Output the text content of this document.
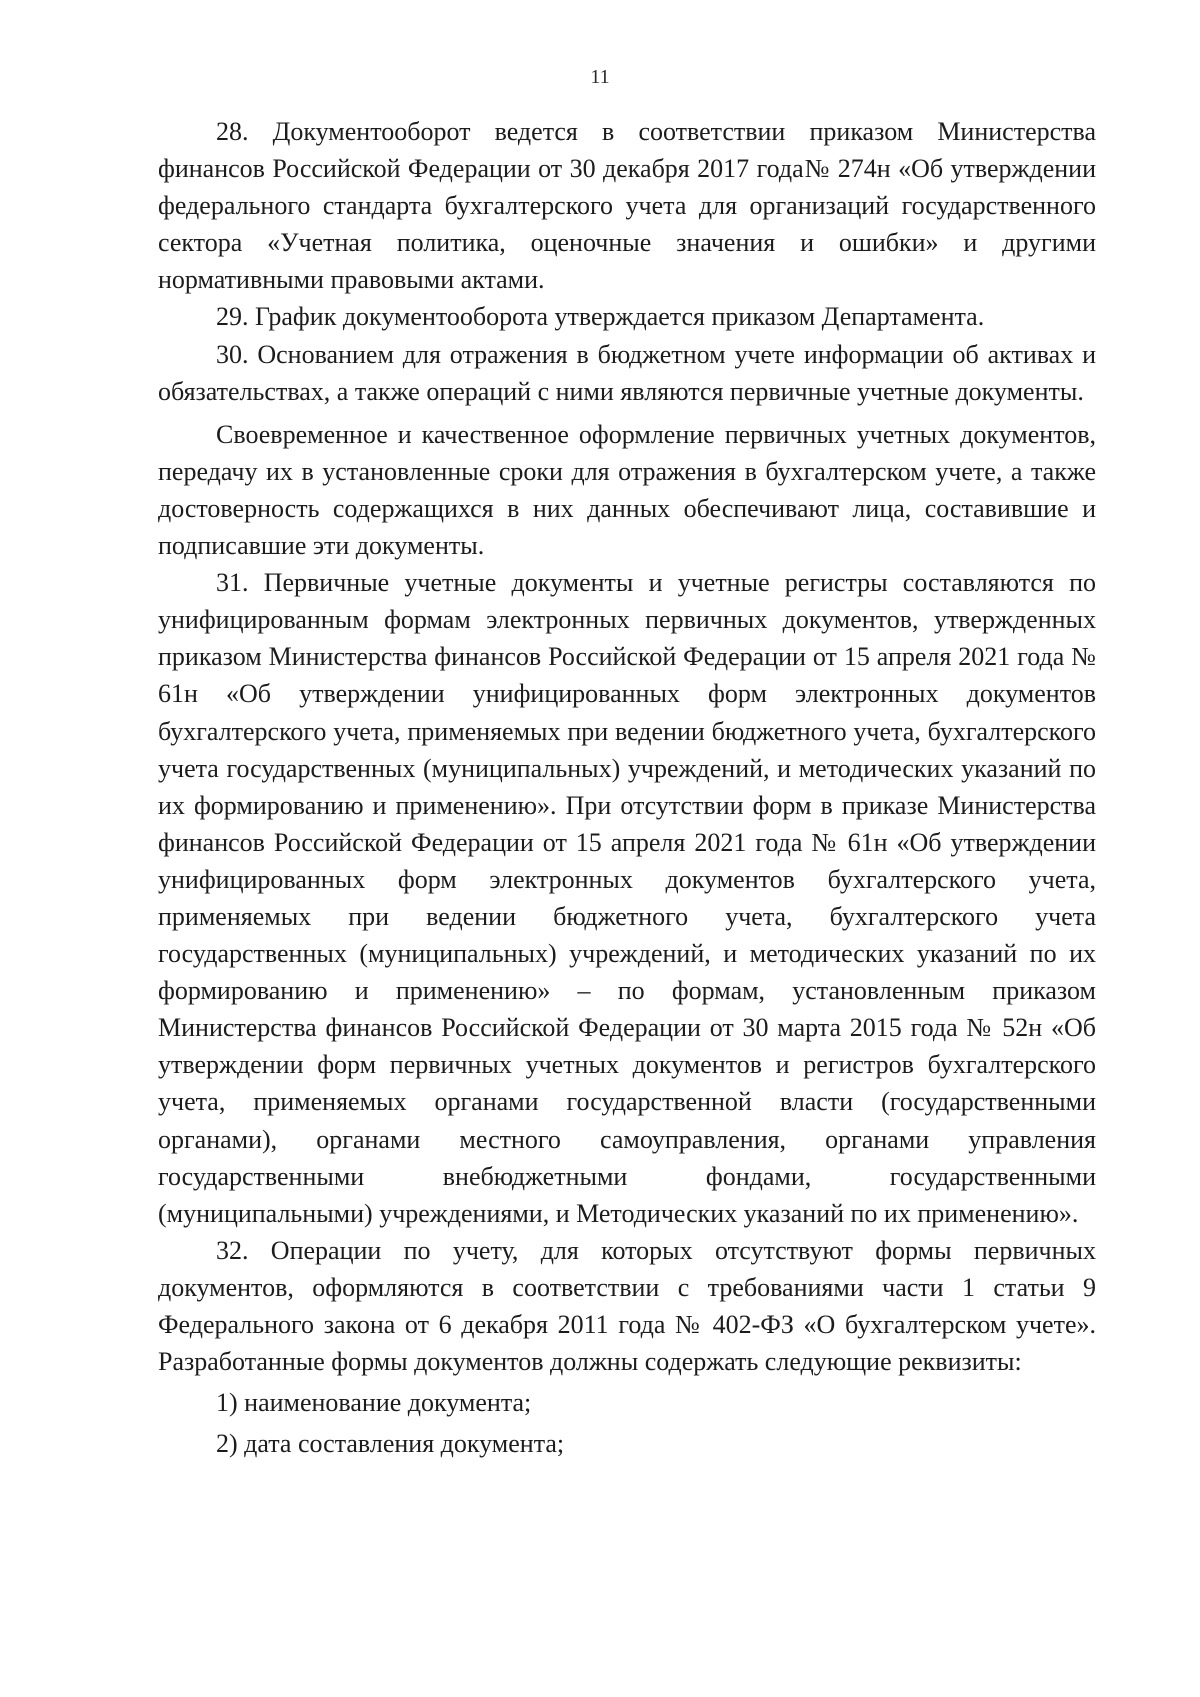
11

28. Документооборот ведется в соответствии приказом Министерства финансов Российской Федерации от 30 декабря 2017 года№ 274н «Об утверждении федерального стандарта бухгалтерского учета для организаций государственного сектора «Учетная политика, оценочные значения и ошибки» и другими нормативными правовыми актами.

29. График документооборота утверждается приказом Департамента.

30. Основанием для отражения в бюджетном учете информации об активах и обязательствах, а также операций с ними являются первичные учетные документы.

Своевременное и качественное оформление первичных учетных документов, передачу их в установленные сроки для отражения в бухгалтерском учете, а также достоверность содержащихся в них данных обеспечивают лица, составившие и подписавшие эти документы.

31. Первичные учетные документы и учетные регистры составляются по унифицированным формам электронных первичных документов, утвержденных приказом Министерства финансов Российской Федерации от 15 апреля 2021 года № 61н «Об утверждении унифицированных форм электронных документов бухгалтерского учета, применяемых при ведении бюджетного учета, бухгалтерского учета государственных (муниципальных) учреждений, и методических указаний по их формированию и применению». При отсутствии форм в приказе Министерства финансов Российской Федерации от 15 апреля 2021 года № 61н «Об утверждении унифицированных форм электронных документов бухгалтерского учета, применяемых при ведении бюджетного учета, бухгалтерского учета государственных (муниципальных) учреждений, и методических указаний по их формированию и применению» – по формам, установленным приказом Министерства финансов Российской Федерации от 30 марта 2015 года № 52н «Об утверждении форм первичных учетных документов и регистров бухгалтерского учета, применяемых органами государственной власти (государственными органами), органами местного самоуправления, органами управления государственными внебюджетными фондами, государственными (муниципальными) учреждениями, и Методических указаний по их применению».

32. Операции по учету, для которых отсутствуют формы первичных документов, оформляются в соответствии с требованиями части 1 статьи 9 Федерального закона от 6 декабря 2011 года № 402-ФЗ «О бухгалтерском учете». Разработанные формы документов должны содержать следующие реквизиты:

1) наименование документа;

2) дата составления документа;
